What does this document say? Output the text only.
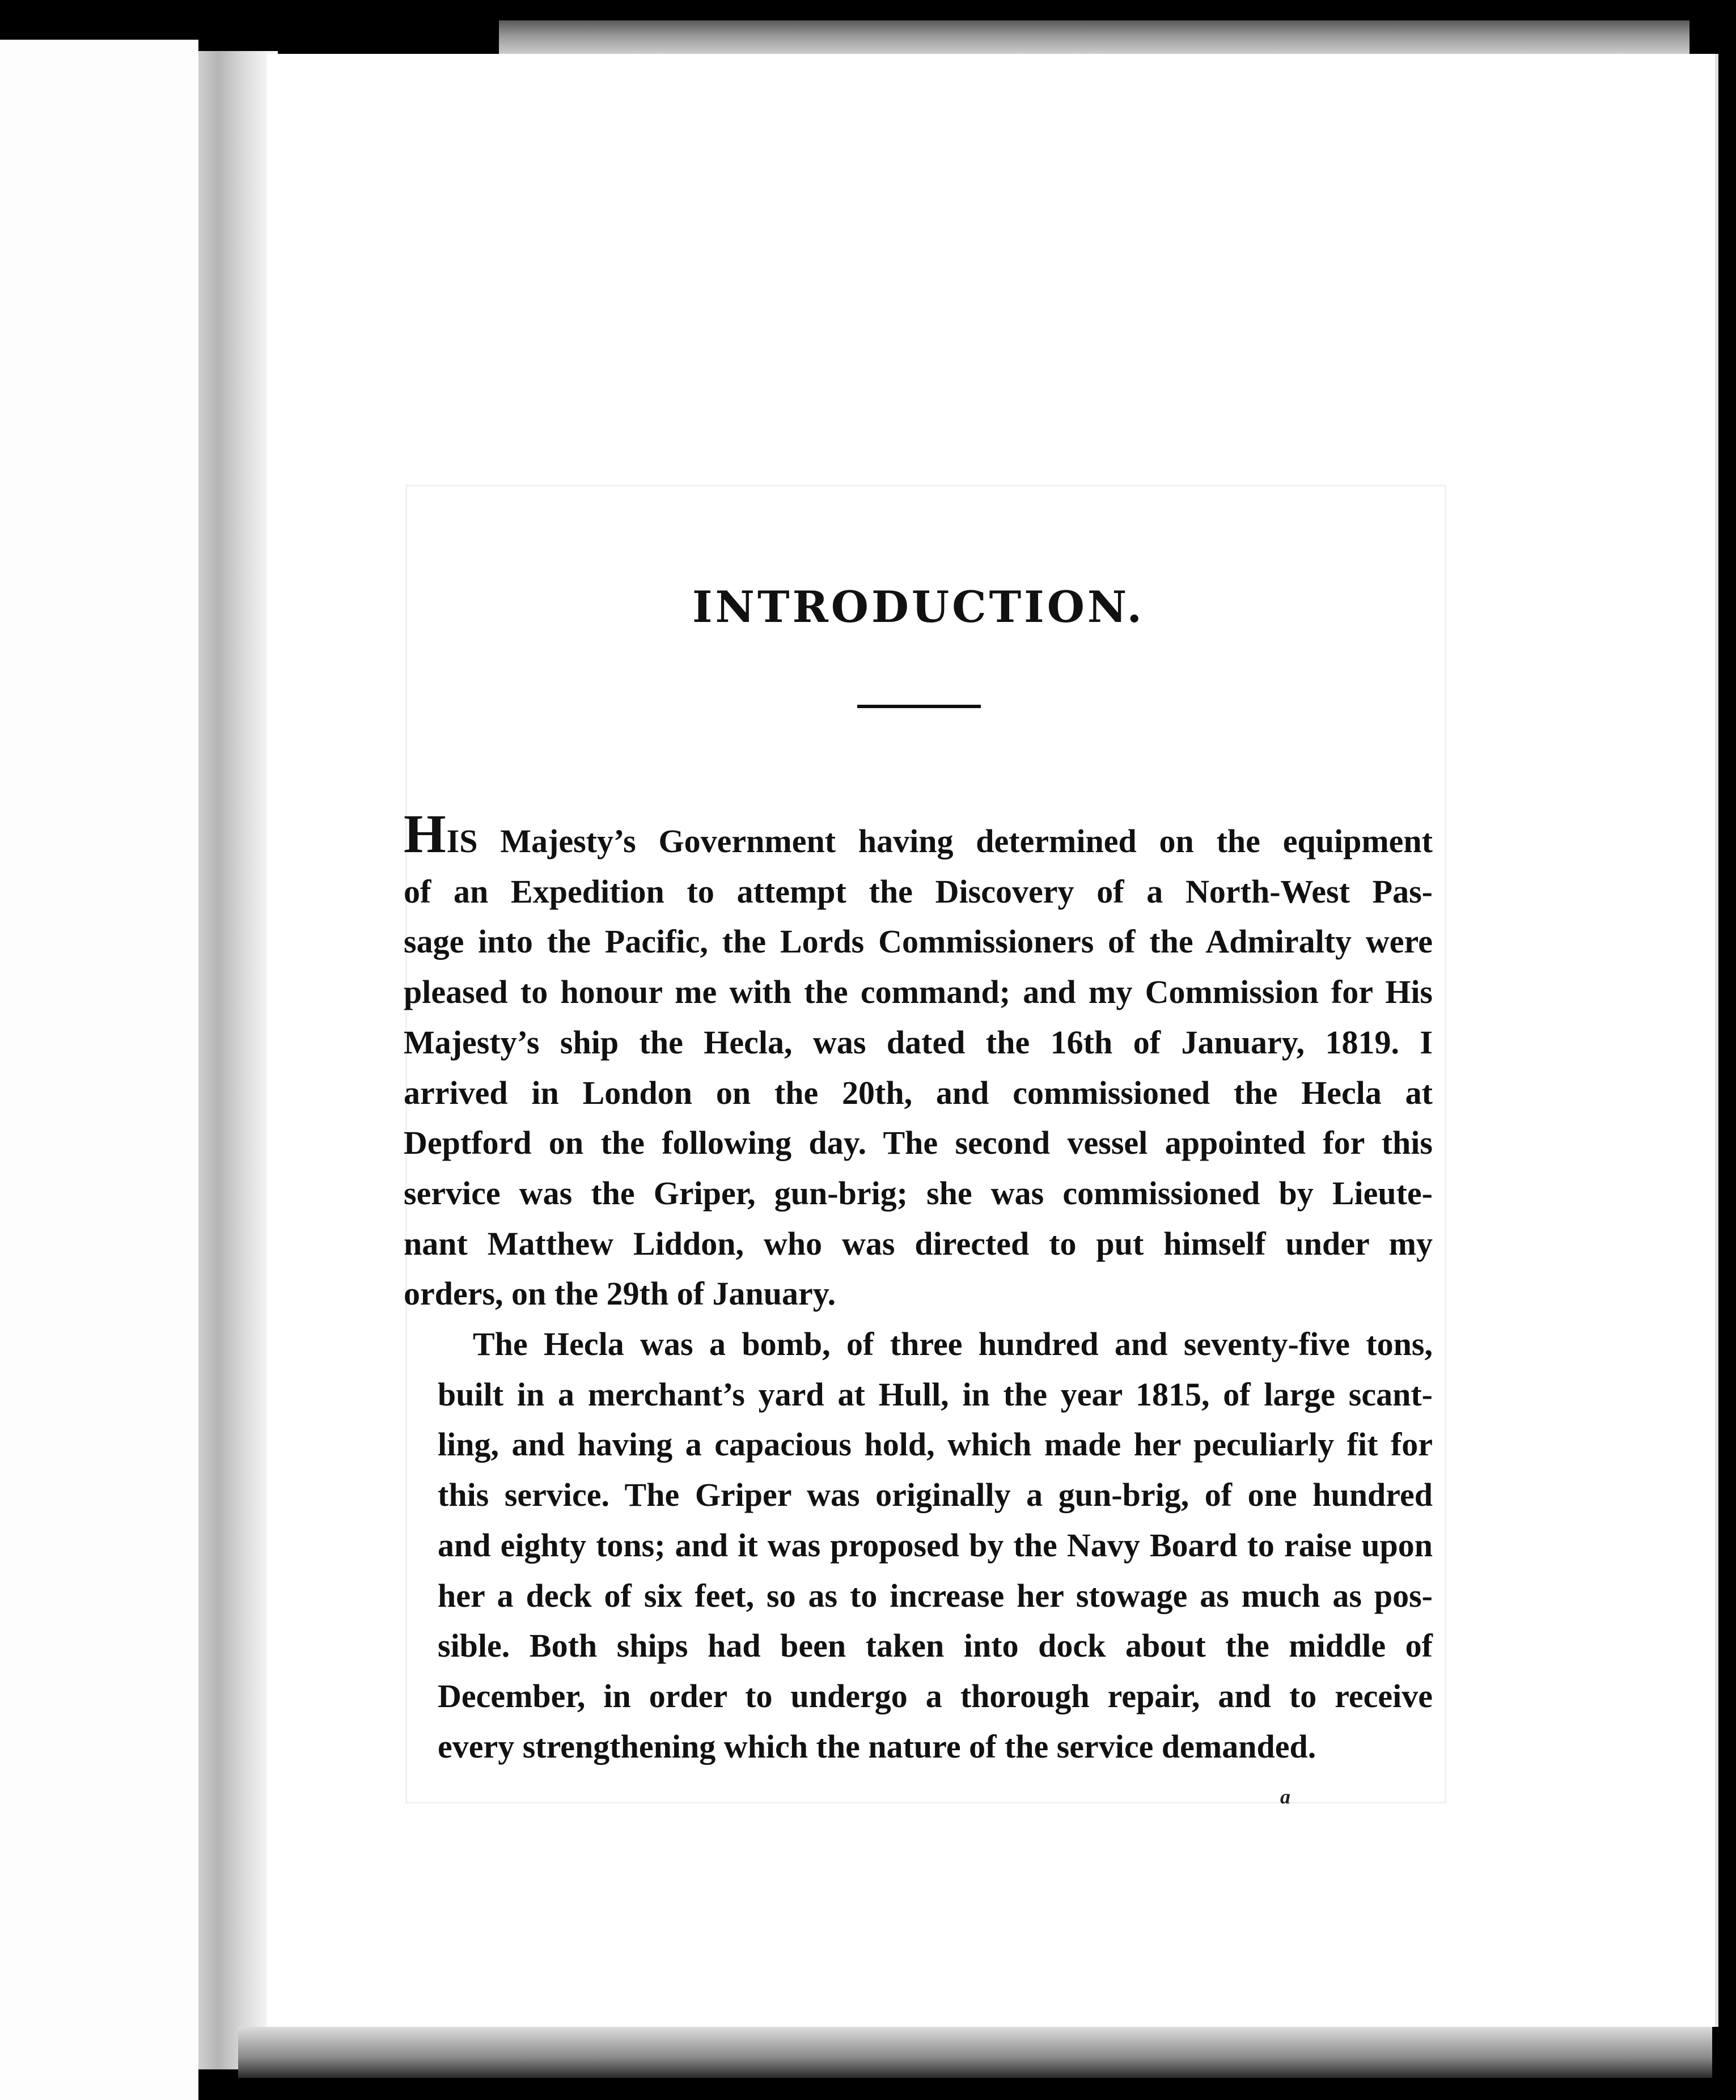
INTRODUCTION.
HIS Majesty’s Government having determined on the equipment
of an Expedition to attempt the Discovery of a North-West Pas-
sage into the Pacific, the Lords Commissioners of the Admiralty were
pleased to honour me with the command; and my Commission for His
Majesty’s ship the Hecla, was dated the 16th of January, 1819. I
arrived in London on the 20th, and commissioned the Hecla at
Deptford on the following day. The second vessel appointed for this
service was the Griper, gun-brig; she was commissioned by Lieute-
nant Matthew Liddon, who was directed to put himself under my
orders, on the 29th of January.
The Hecla was a bomb, of three hundred and seventy-five tons,
built in a merchant’s yard at Hull, in the year 1815, of large scant-
ling, and having a capacious hold, which made her peculiarly fit for
this service. The Griper was originally a gun-brig, of one hundred
and eighty tons; and it was proposed by the Navy Board to raise upon
her a deck of six feet, so as to increase her stowage as much as pos-
sible. Both ships had been taken into dock about the middle of
December, in order to undergo a thorough repair, and to receive
every strengthening which the nature of the service demanded.
a
